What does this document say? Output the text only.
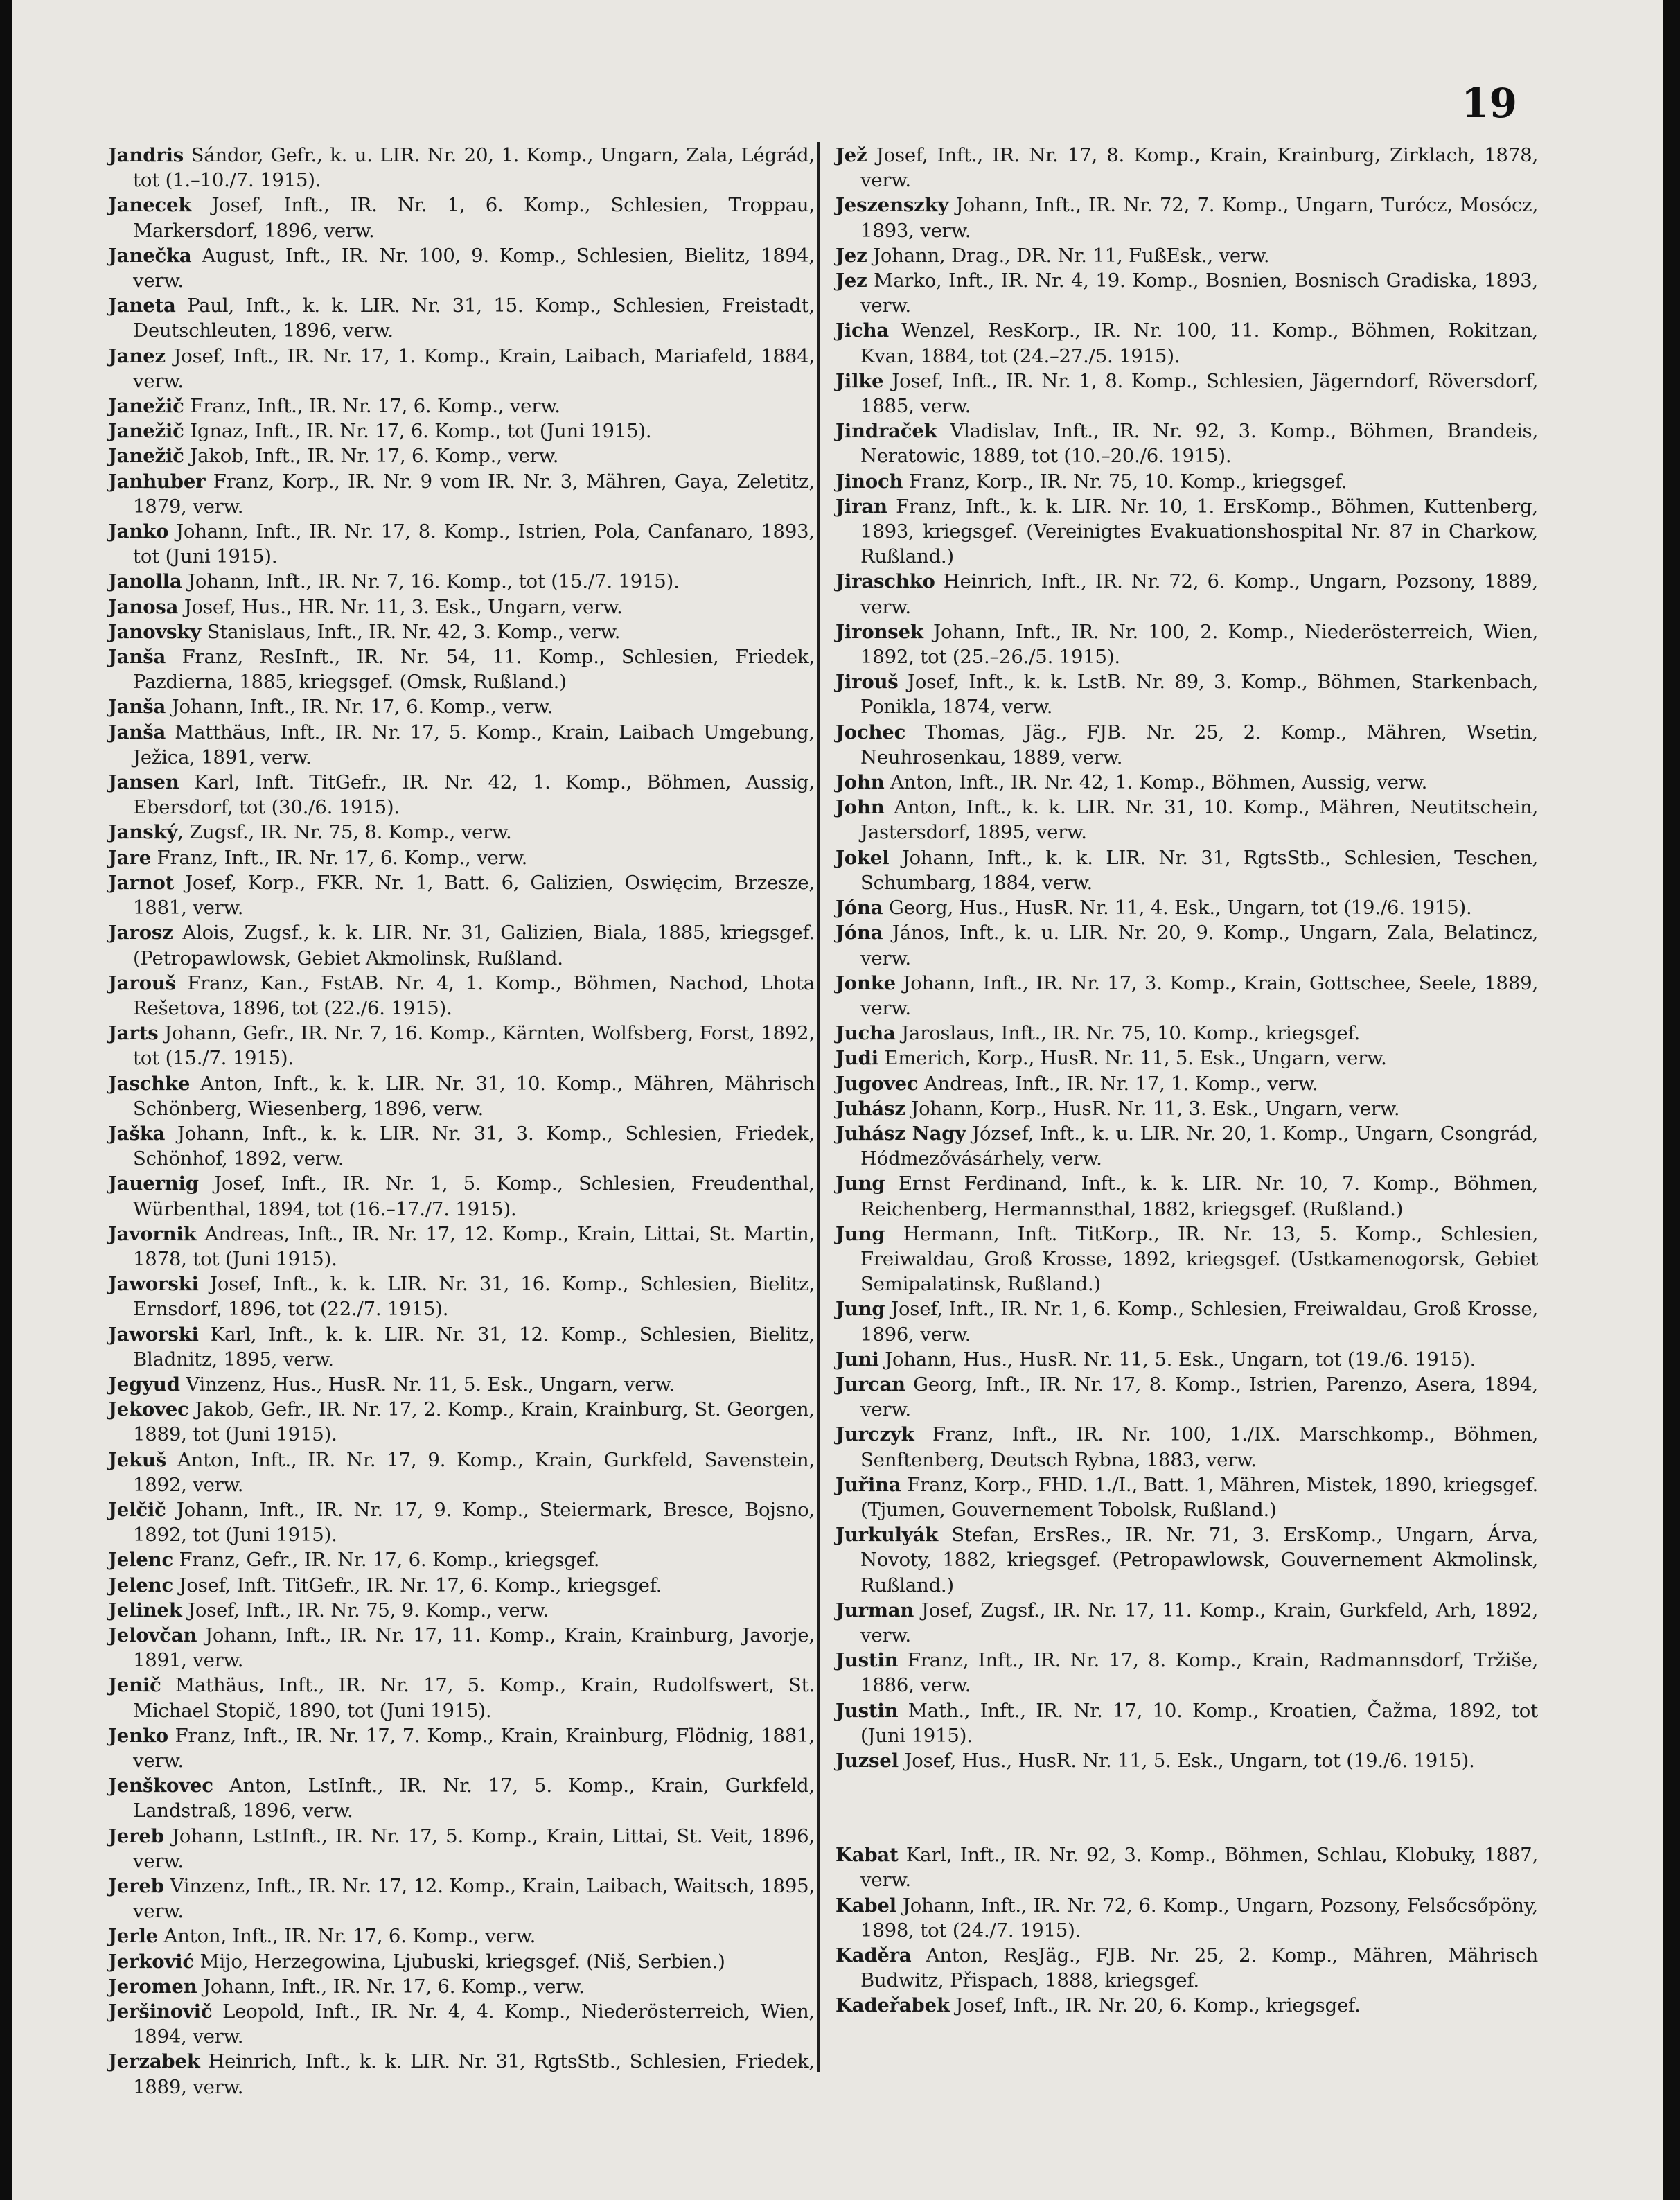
19

Jandris Sándor, Gefr., k. u. LIR. Nr. 20, 1. Komp., Ungarn, Zala, Légrád, tot (1.–10./7. 1915).

Janecek Josef, Inft., IR. Nr. 1, 6. Komp., Schlesien, Troppau, Markersdorf, 1896, verw.

Janečka August, Inft., IR. Nr. 100, 9. Komp., Schlesien, Bielitz, 1894, verw.

Janeta Paul, Inft., k. k. LIR. Nr. 31, 15. Komp., Schlesien, Freistadt, Deutschleuten, 1896, verw.

Janez Josef, Inft., IR. Nr. 17, 1. Komp., Krain, Laibach, Mariafeld, 1884, verw.

Janežič Franz, Inft., IR. Nr. 17, 6. Komp., verw.

Janežič Ignaz, Inft., IR. Nr. 17, 6. Komp., tot (Juni 1915).

Janežič Jakob, Inft., IR. Nr. 17, 6. Komp., verw.

Janhuber Franz, Korp., IR. Nr. 9 vom IR. Nr. 3, Mähren, Gaya, Zeletitz, 1879, verw.

Janko Johann, Inft., IR. Nr. 17, 8. Komp., Istrien, Pola, Canfanaro, 1893, tot (Juni 1915).

Janolla Johann, Inft., IR. Nr. 7, 16. Komp., tot (15./7. 1915).

Janosa Josef, Hus., HR. Nr. 11, 3. Esk., Ungarn, verw.

Janovsky Stanislaus, Inft., IR. Nr. 42, 3. Komp., verw.

Janša Franz, ResInft., IR. Nr. 54, 11. Komp., Schlesien, Friedek, Pazdierna, 1885, kriegsgef. (Omsk, Rußland.)

Janša Johann, Inft., IR. Nr. 17, 6. Komp., verw.

Janša Matthäus, Inft., IR. Nr. 17, 5. Komp., Krain, Laibach Umgebung, Ježica, 1891, verw.

Jansen Karl, Inft. TitGefr., IR. Nr. 42, 1. Komp., Böhmen, Aussig, Ebersdorf, tot (30./6. 1915).

Janský, Zugsf., IR. Nr. 75, 8. Komp., verw.

Jare Franz, Inft., IR. Nr. 17, 6. Komp., verw.

Jarnot Josef, Korp., FKR. Nr. 1, Batt. 6, Galizien, Oswięcim, Brzesze, 1881, verw.

Jarosz Alois, Zugsf., k. k. LIR. Nr. 31, Galizien, Biala, 1885, kriegsgef. (Petropawlowsk, Gebiet Akmolinsk, Rußland.

Jarouš Franz, Kan., FstAB. Nr. 4, 1. Komp., Böhmen, Nachod, Lhota Rešetova, 1896, tot (22./6. 1915).

Jarts Johann, Gefr., IR. Nr. 7, 16. Komp., Kärnten, Wolfsberg, Forst, 1892, tot (15./7. 1915).

Jaschke Anton, Inft., k. k. LIR. Nr. 31, 10. Komp., Mähren, Mährisch Schönberg, Wiesenberg, 1896, verw.

Jaška Johann, Inft., k. k. LIR. Nr. 31, 3. Komp., Schlesien, Friedek, Schönhof, 1892, verw.

Jauernig Josef, Inft., IR. Nr. 1, 5. Komp., Schlesien, Freudenthal, Würbenthal, 1894, tot (16.–17./7. 1915).

Javornik Andreas, Inft., IR. Nr. 17, 12. Komp., Krain, Littai, St. Martin, 1878, tot (Juni 1915).

Jaworski Josef, Inft., k. k. LIR. Nr. 31, 16. Komp., Schlesien, Bielitz, Ernsdorf, 1896, tot (22./7. 1915).

Jaworski Karl, Inft., k. k. LIR. Nr. 31, 12. Komp., Schlesien, Bielitz, Bladnitz, 1895, verw.

Jegyud Vinzenz, Hus., HusR. Nr. 11, 5. Esk., Ungarn, verw.

Jekovec Jakob, Gefr., IR. Nr. 17, 2. Komp., Krain, Krainburg, St. Georgen, 1889, tot (Juni 1915).

Jekuš Anton, Inft., IR. Nr. 17, 9. Komp., Krain, Gurkfeld, Savenstein, 1892, verw.

Jelčič Johann, Inft., IR. Nr. 17, 9. Komp., Steiermark, Bresce, Bojsno, 1892, tot (Juni 1915).

Jelenc Franz, Gefr., IR. Nr. 17, 6. Komp., kriegsgef.

Jelenc Josef, Inft. TitGefr., IR. Nr. 17, 6. Komp., kriegsgef.

Jelinek Josef, Inft., IR. Nr. 75, 9. Komp., verw.

Jelovčan Johann, Inft., IR. Nr. 17, 11. Komp., Krain, Krainburg, Javorje, 1891, verw.

Jenič Mathäus, Inft., IR. Nr. 17, 5. Komp., Krain, Rudolfswert, St. Michael Stopič, 1890, tot (Juni 1915).

Jenko Franz, Inft., IR. Nr. 17, 7. Komp., Krain, Krainburg, Flödnig, 1881, verw.

Jenškovec Anton, LstInft., IR. Nr. 17, 5. Komp., Krain, Gurkfeld, Landstraß, 1896, verw.

Jereb Johann, LstInft., IR. Nr. 17, 5. Komp., Krain, Littai, St. Veit, 1896, verw.

Jereb Vinzenz, Inft., IR. Nr. 17, 12. Komp., Krain, Laibach, Waitsch, 1895, verw.

Jerle Anton, Inft., IR. Nr. 17, 6. Komp., verw.

Jerković Mijo, Herzegowina, Ljubuski, kriegsgef. (Niš, Serbien.)

Jeromen Johann, Inft., IR. Nr. 17, 6. Komp., verw.

Jeršinovič Leopold, Inft., IR. Nr. 4, 4. Komp., Niederösterreich, Wien, 1894, verw.

Jerzabek Heinrich, Inft., k. k. LIR. Nr. 31, RgtsStb., Schlesien, Friedek, 1889, verw.

Jež Josef, Inft., IR. Nr. 17, 8. Komp., Krain, Krainburg, Zirklach, 1878, verw.

Jeszenszky Johann, Inft., IR. Nr. 72, 7. Komp., Ungarn, Turócz, Mosócz, 1893, verw.

Jez Johann, Drag., DR. Nr. 11, FußEsk., verw.

Jez Marko, Inft., IR. Nr. 4, 19. Komp., Bosnien, Bosnisch Gradiska, 1893, verw.

Jicha Wenzel, ResKorp., IR. Nr. 100, 11. Komp., Böhmen, Rokitzan, Kvan, 1884, tot (24.–27./5. 1915).

Jilke Josef, Inft., IR. Nr. 1, 8. Komp., Schlesien, Jägerndorf, Röversdorf, 1885, verw.

Jindraček Vladislav, Inft., IR. Nr. 92, 3. Komp., Böhmen, Brandeis, Neratowic, 1889, tot (10.–20./6. 1915).

Jinoch Franz, Korp., IR. Nr. 75, 10. Komp., kriegsgef.

Jiran Franz, Inft., k. k. LIR. Nr. 10, 1. ErsKomp., Böhmen, Kuttenberg, 1893, kriegsgef. (Vereinigtes Evakuationshospital Nr. 87 in Charkow, Rußland.)

Jiraschko Heinrich, Inft., IR. Nr. 72, 6. Komp., Ungarn, Pozsony, 1889, verw.

Jironsek Johann, Inft., IR. Nr. 100, 2. Komp., Niederösterreich, Wien, 1892, tot (25.–26./5. 1915).

Jirouš Josef, Inft., k. k. LstB. Nr. 89, 3. Komp., Böhmen, Starkenbach, Ponikla, 1874, verw.

Jochec Thomas, Jäg., FJB. Nr. 25, 2. Komp., Mähren, Wsetin, Neuhrosenkau, 1889, verw.

John Anton, Inft., IR. Nr. 42, 1. Komp., Böhmen, Aussig, verw.

John Anton, Inft., k. k. LIR. Nr. 31, 10. Komp., Mähren, Neutitschein, Jastersdorf, 1895, verw.

Jokel Johann, Inft., k. k. LIR. Nr. 31, RgtsStb., Schlesien, Teschen, Schumbarg, 1884, verw.

Jóna Georg, Hus., HusR. Nr. 11, 4. Esk., Ungarn, tot (19./6. 1915).

Jóna János, Inft., k. u. LIR. Nr. 20, 9. Komp., Ungarn, Zala, Belatincz, verw.

Jonke Johann, Inft., IR. Nr. 17, 3. Komp., Krain, Gottschee, Seele, 1889, verw.

Jucha Jaroslaus, Inft., IR. Nr. 75, 10. Komp., kriegsgef.

Judi Emerich, Korp., HusR. Nr. 11, 5. Esk., Ungarn, verw.

Jugovec Andreas, Inft., IR. Nr. 17, 1. Komp., verw.

Juhász Johann, Korp., HusR. Nr. 11, 3. Esk., Ungarn, verw.

Juhász Nagy József, Inft., k. u. LIR. Nr. 20, 1. Komp., Ungarn, Csongrád, Hódmezővásárhely, verw.

Jung Ernst Ferdinand, Inft., k. k. LIR. Nr. 10, 7. Komp., Böhmen, Reichenberg, Hermannsthal, 1882, kriegsgef. (Rußland.)

Jung Hermann, Inft. TitKorp., IR. Nr. 13, 5. Komp., Schlesien, Freiwaldau, Groß Krosse, 1892, kriegsgef. (Ustkamenogorsk, Gebiet Semipalatinsk, Rußland.)

Jung Josef, Inft., IR. Nr. 1, 6. Komp., Schlesien, Freiwaldau, Groß Krosse, 1896, verw.

Juni Johann, Hus., HusR. Nr. 11, 5. Esk., Ungarn, tot (19./6. 1915).

Jurcan Georg, Inft., IR. Nr. 17, 8. Komp., Istrien, Parenzo, Asera, 1894, verw.

Jurczyk Franz, Inft., IR. Nr. 100, 1./IX. Marschkomp., Böhmen, Senftenberg, Deutsch Rybna, 1883, verw.

Juřina Franz, Korp., FHD. 1./I., Batt. 1, Mähren, Mistek, 1890, kriegsgef. (Tjumen, Gouvernement Tobolsk, Rußland.)

Jurkulyák Stefan, ErsRes., IR. Nr. 71, 3. ErsKomp., Ungarn, Árva, Novoty, 1882, kriegsgef. (Petropawlowsk, Gouvernement Akmolinsk, Rußland.)

Jurman Josef, Zugsf., IR. Nr. 17, 11. Komp., Krain, Gurkfeld, Arh, 1892, verw.

Justin Franz, Inft., IR. Nr. 17, 8. Komp., Krain, Radmannsdorf, Tržiše, 1886, verw.

Justin Math., Inft., IR. Nr. 17, 10. Komp., Kroatien, Čažma, 1892, tot (Juni 1915).

Juzsel Josef, Hus., HusR. Nr. 11, 5. Esk., Ungarn, tot (19./6. 1915).

Kabat Karl, Inft., IR. Nr. 92, 3. Komp., Böhmen, Schlau, Klobuky, 1887, verw.

Kabel Johann, Inft., IR. Nr. 72, 6. Komp., Ungarn, Pozsony, Felsőcsőpöny, 1898, tot (24./7. 1915).

Kaděra Anton, ResJäg., FJB. Nr. 25, 2. Komp., Mähren, Mährisch Budwitz, Přispach, 1888, kriegsgef.

Kadeřabek Josef, Inft., IR. Nr. 20, 6. Komp., kriegsgef.
